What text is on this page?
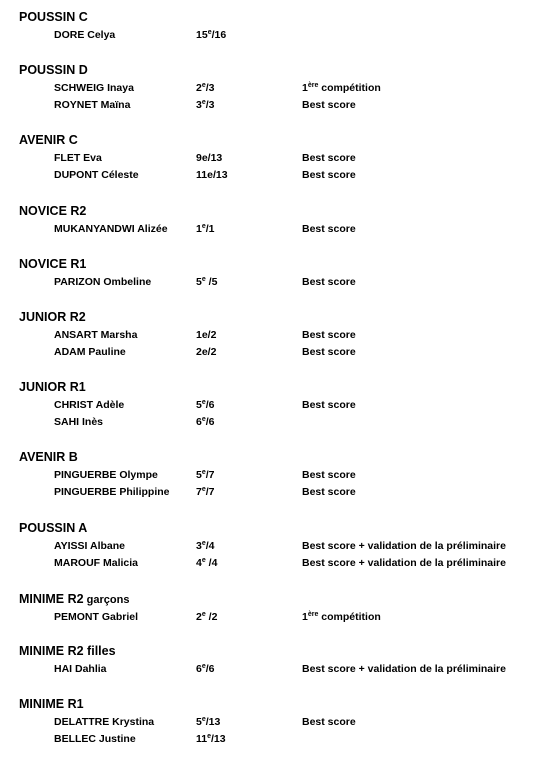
POUSSIN C
DORE Celya	15e/16
POUSSIN D
SCHWEIG Inaya	2e/3	1ère compétition
ROYNET Maïna	3e/3	Best score
AVENIR C
FLET Eva	9e/13	Best score
DUPONT Céleste	11e/13	Best score
NOVICE R2
MUKANYANDWI Alizée	1e/1	Best score
NOVICE R1
PARIZON Ombeline	5e /5	Best score
JUNIOR R2
ANSART Marsha	1e/2	Best score
ADAM Pauline	2e/2	Best score
JUNIOR R1
CHRIST Adèle	5e/6	Best score
SAHI Inès	6e/6
AVENIR B
PINGUERBE Olympe	5e/7	Best score
PINGUERBE Philippine	7e/7	Best score
POUSSIN A
AYISSI Albane	3e/4	Best score + validation de la préliminaire
MAROUF Malicia	4e /4	Best score + validation de la préliminaire
MINIME R2 garçons
PEMONT Gabriel	2e /2	1ère compétition
MINIME R2 filles
HAI Dahlia	6e/6	Best score + validation de la préliminaire
MINIME R1
DELATTRE Krystina	5e/13	Best score
BELLEC Justine	11e/13
